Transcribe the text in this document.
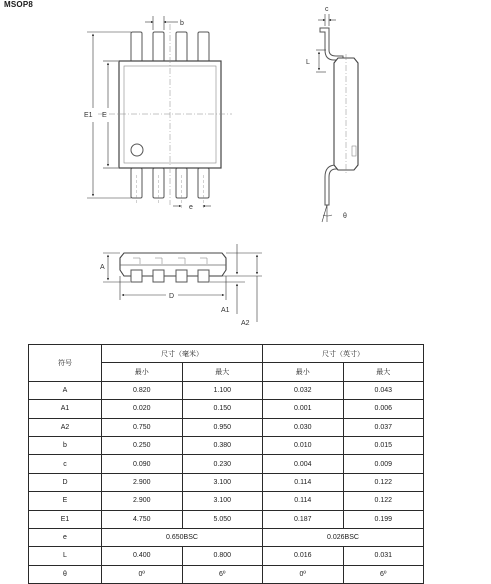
MSOP8
b
E1 E
e
c
L
θ
A
D
A1
A2
符号	尺寸（毫米）		尺寸（英寸）	
	最小	最大	最小	最大
A	0.820	1.100	0.032	0.043
A1	0.020	0.150	0.001	0.006
A2	0.750	0.950	0.030	0.037
b	0.250	0.380	0.010	0.015
c	0.090	0.230	0.004	0.009
D	2.900	3.100	0.114	0.122
E	2.900	3.100	0.114	0.122
E1	4.750	5.050	0.187	0.199
e	0.650BSC		0.026BSC	
L	0.400	0.800	0.016	0.031
θ	0º	6º	0º	6º
